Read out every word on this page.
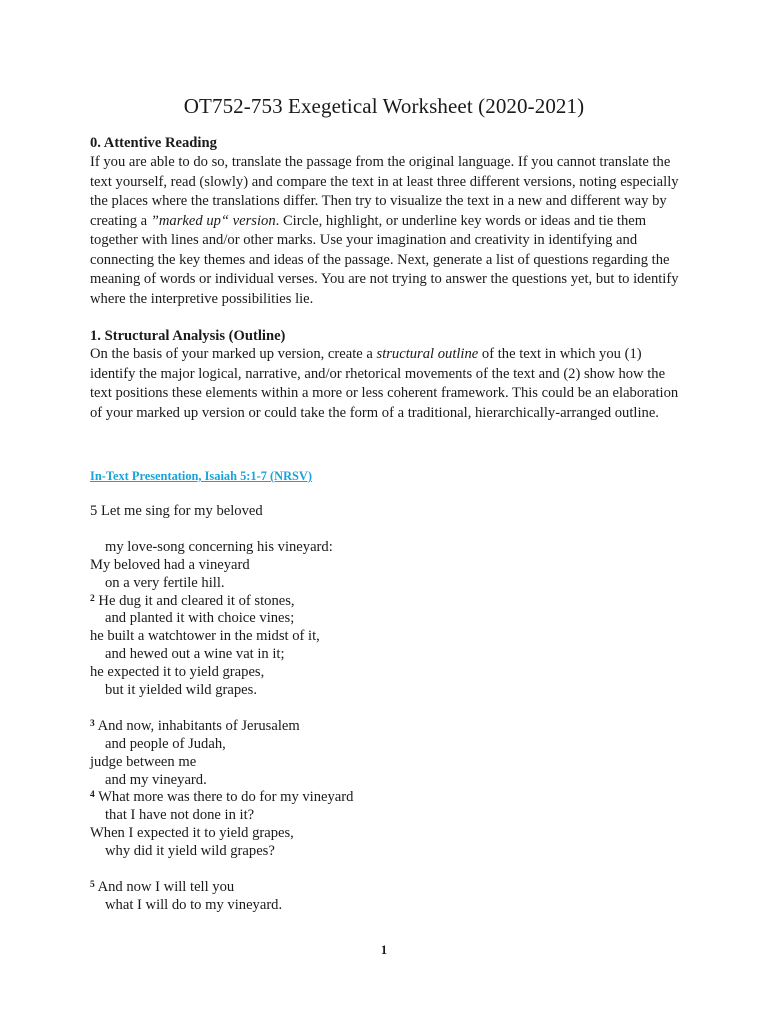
OT752-753 Exegetical Worksheet (2020-2021)
0. Attentive Reading

If you are able to do so, translate the passage from the original language. If you cannot translate the text yourself, read (slowly) and compare the text in at least three different versions, noting especially the places where the translations differ. Then try to visualize the text in a new and different way by creating a ”marked up“ version. Circle, highlight, or underline key words or ideas and tie them together with lines and/or other marks. Use your imagination and creativity in identifying and connecting the key themes and ideas of the passage. Next, generate a list of questions regarding the meaning of words or individual verses. You are not trying to answer the questions yet, but to identify where the interpretive possibilities lie.

1. Structural Analysis (Outline)

On the basis of your marked up version, create a structural outline of the text in which you (1) identify the major logical, narrative, and/or rhetorical movements of the text and (2) show how the text positions these elements within a more or less coherent framework. This could be an elaboration of your marked up version or could take the form of a traditional, hierarchically-arranged outline.

In-Text Presentation, Isaiah 5:1-7 (NRSV)

5 Let me sing for my beloved
my love-song concerning his vineyard:
My beloved had a vineyard
on a very fertile hill.
$^2$ He dug it and cleared it of stones,
and planted it with choice vines;
he built a watchtower in the midst of it,
and hewed out a wine vat in it;
he expected it to yield grapes,
but it yielded wild grapes.
$^3$ And now, inhabitants of Jerusalem
and people of Judah,
judge between me
and my vineyard.
$^4$ What more was there to do for my vineyard
that I have not done in it?
When I expected it to yield grapes,
why did it yield wild grapes?
$^5$ And now I will tell you
what I will do to my vineyard.

1
